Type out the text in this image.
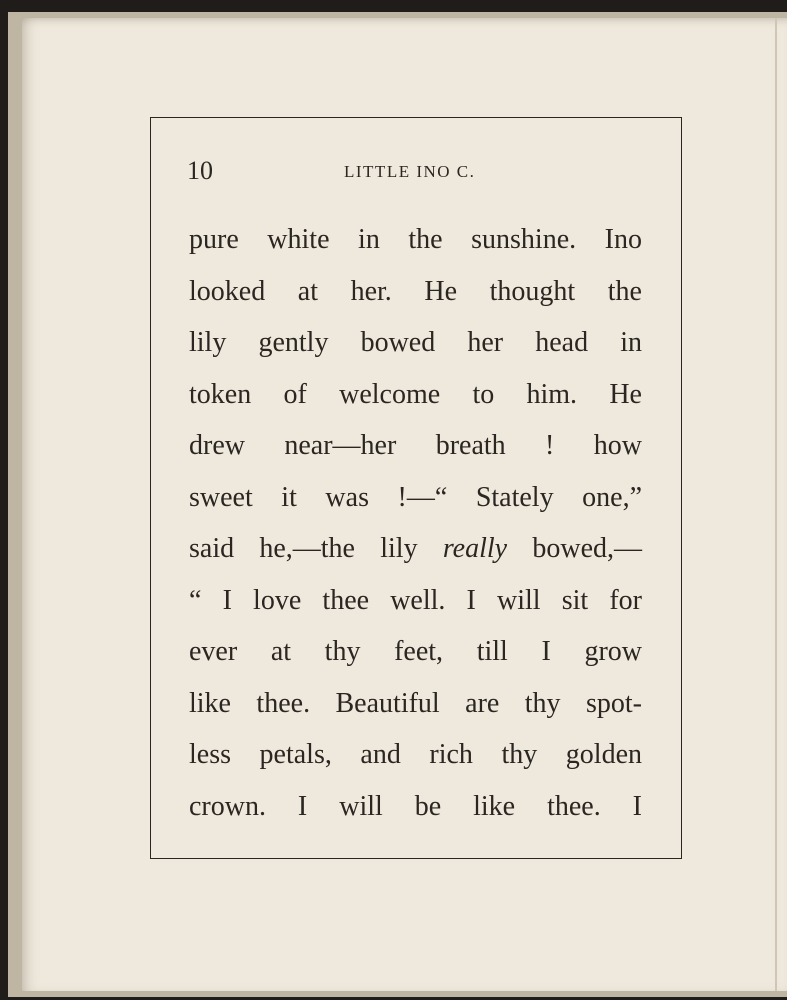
10	LITTLE INO C.
pure white in the sunshine. Ino
looked at her. He thought the
lily gently bowed her head in
token of welcome to him. He
drew near—her breath ! how
sweet it was !—“ Stately one,”
said he,—the lily really bowed,—
“ I love thee well. I will sit for
ever at thy feet, till I grow
like thee. Beautiful are thy spot-
less petals, and rich thy golden
crown. I will be like thee. I
